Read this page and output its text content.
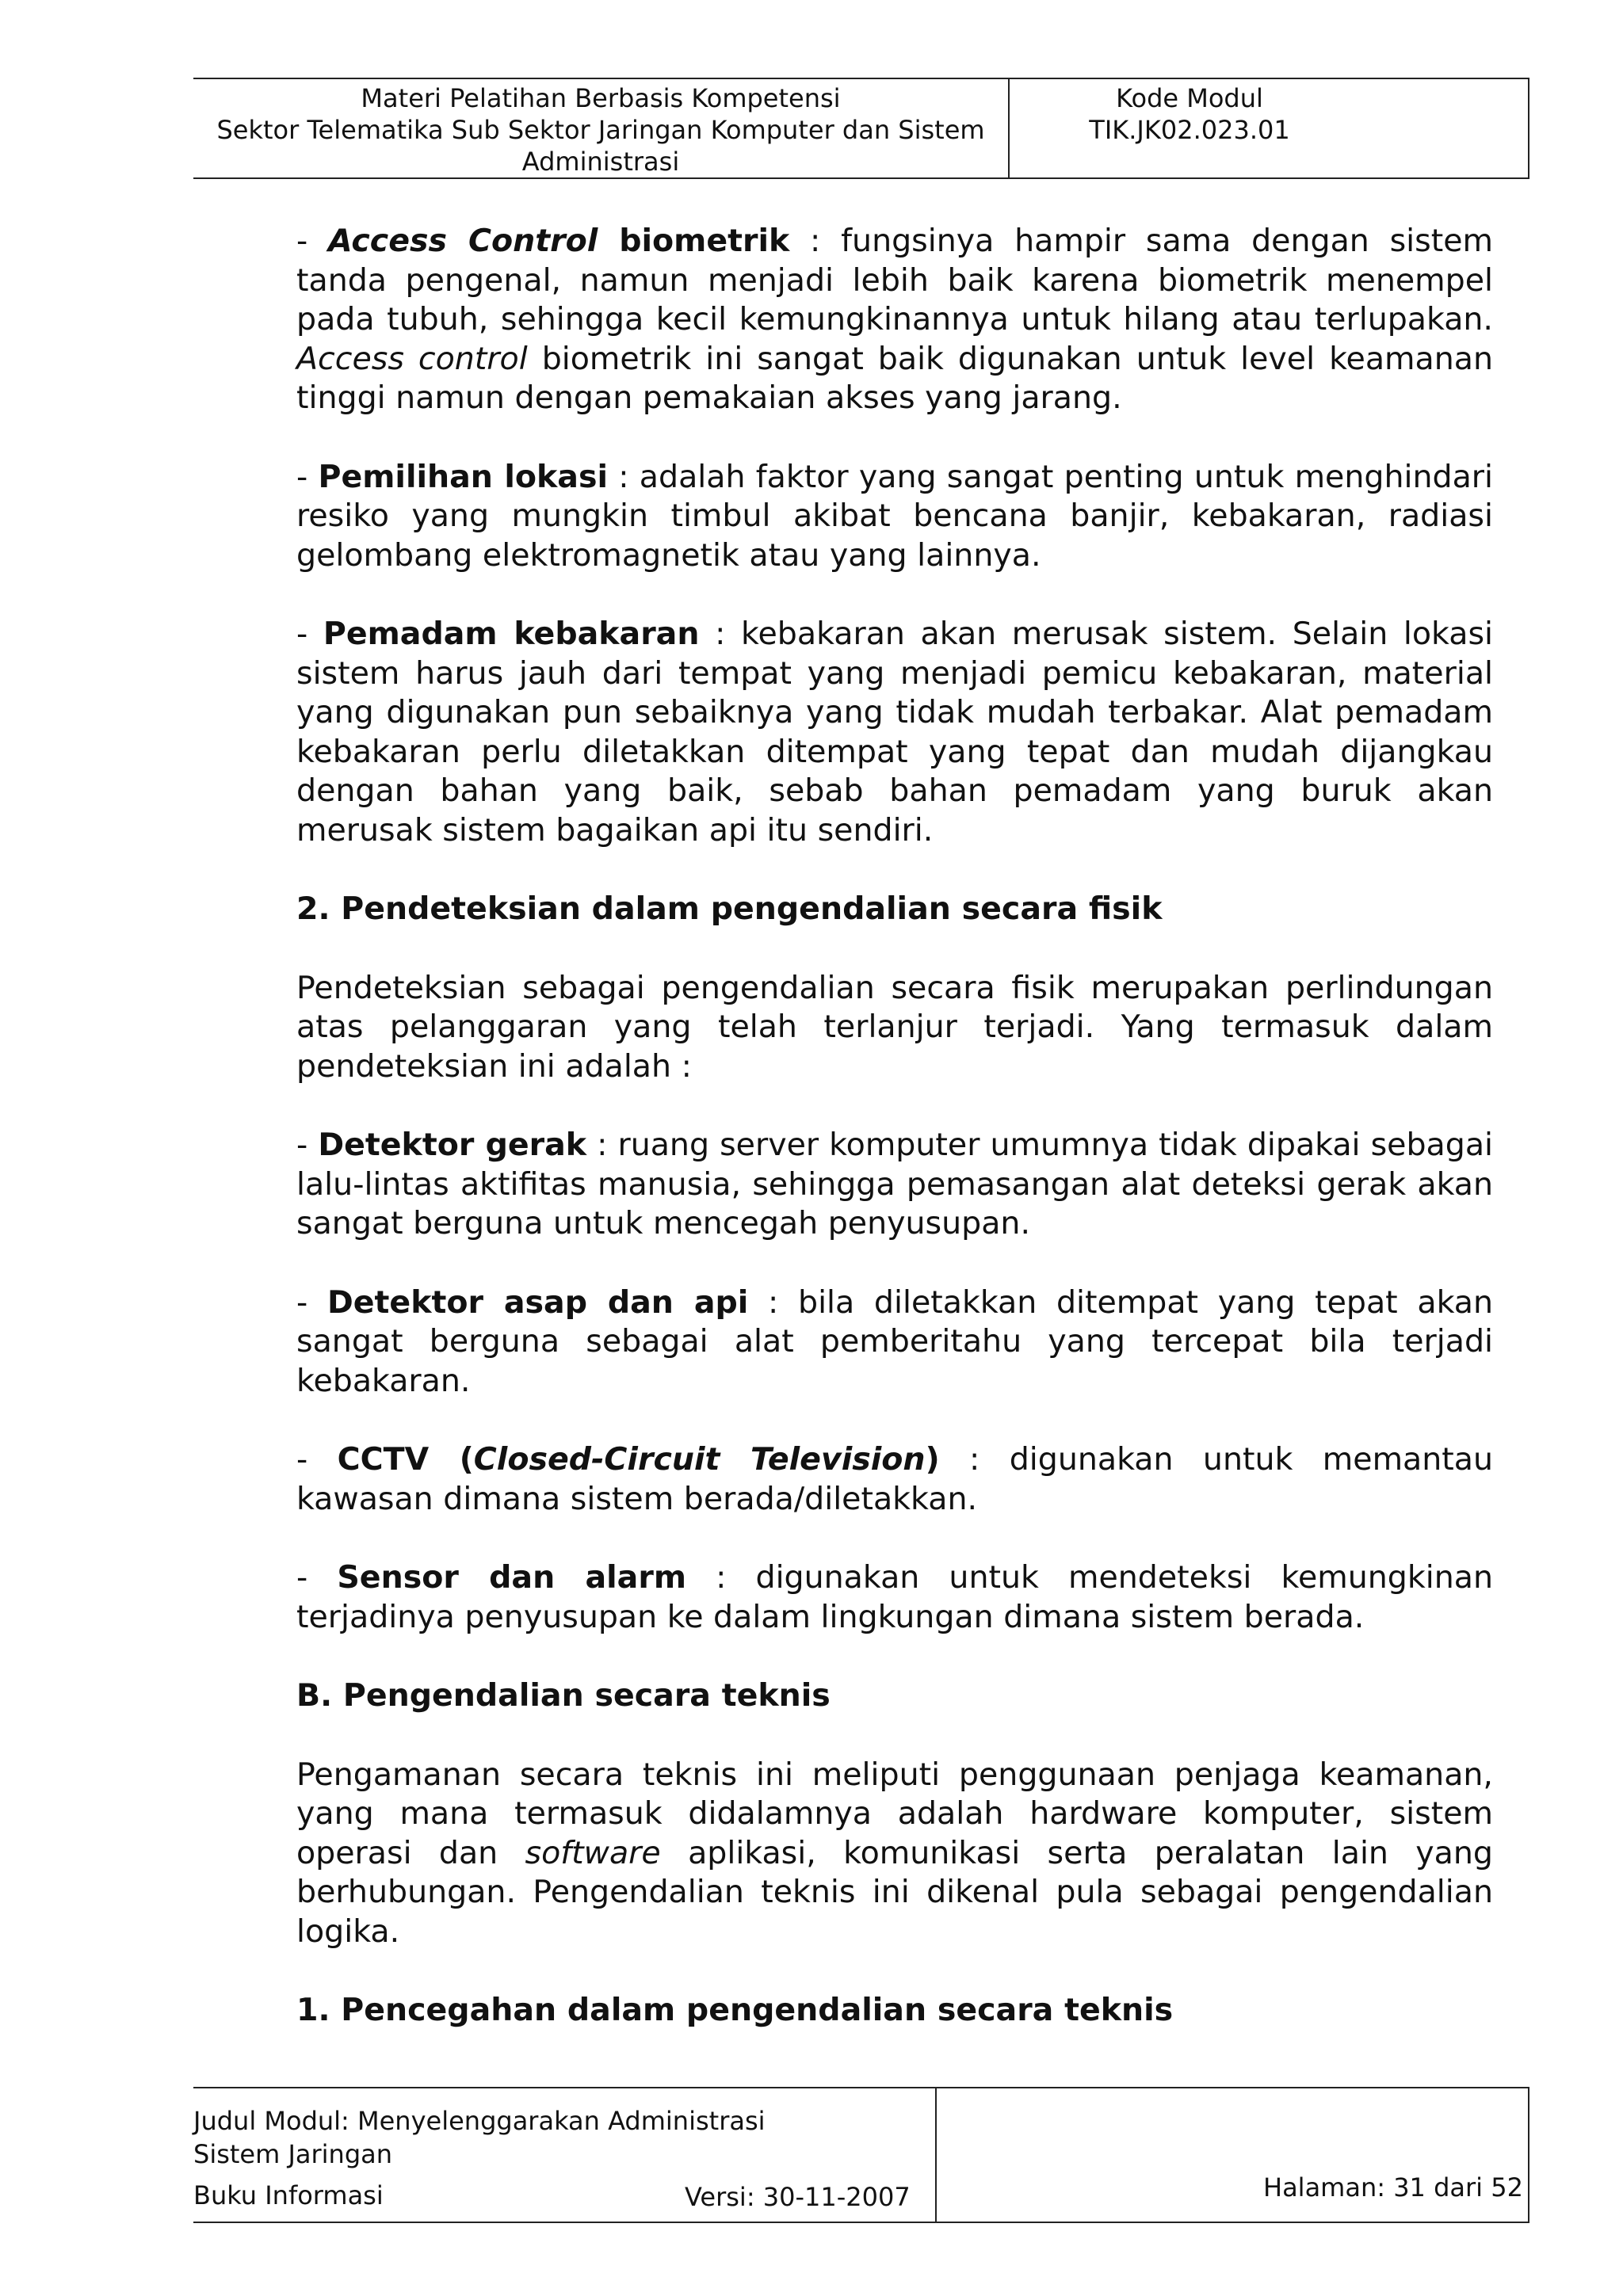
Materi Pelatihan Berbasis Kompetensi
Sektor Telematika Sub Sektor Jaringan Komputer dan Sistem
Administrasi
Kode Modul
TIK.JK02.023.01

- Access Control biometrik : fungsinya hampir sama dengan sistem tanda pengenal, namun menjadi lebih baik karena biometrik menempel pada tubuh, sehingga kecil kemungkinannya untuk hilang atau terlupakan. Access control biometrik ini sangat baik digunakan untuk level keamanan tinggi namun dengan pemakaian akses yang jarang.

- Pemilihan lokasi : adalah faktor yang sangat penting untuk menghindari resiko yang mungkin timbul akibat bencana banjir, kebakaran, radiasi gelombang elektromagnetik atau yang lainnya.

- Pemadam kebakaran : kebakaran akan merusak sistem. Selain lokasi sistem harus jauh dari tempat yang menjadi pemicu kebakaran, material yang digunakan pun sebaiknya yang tidak mudah terbakar. Alat pemadam kebakaran perlu diletakkan ditempat yang tepat dan mudah dijangkau dengan bahan yang baik, sebab bahan pemadam yang buruk akan merusak sistem bagaikan api itu sendiri.

2. Pendeteksian dalam pengendalian secara fisik

Pendeteksian sebagai pengendalian secara fisik merupakan perlindungan atas pelanggaran yang telah terlanjur terjadi. Yang termasuk dalam pendeteksian ini adalah :

- Detektor gerak : ruang server komputer umumnya tidak dipakai sebagai lalu-lintas aktifitas manusia, sehingga pemasangan alat deteksi gerak akan sangat berguna untuk mencegah penyusupan.

- Detektor asap dan api : bila diletakkan ditempat yang tepat akan sangat berguna sebagai alat pemberitahu yang tercepat bila terjadi kebakaran.

- CCTV (Closed-Circuit Television) : digunakan untuk memantau kawasan dimana sistem berada/diletakkan.

- Sensor dan alarm : digunakan untuk mendeteksi kemungkinan terjadinya penyusupan ke dalam lingkungan dimana sistem berada.

B. Pengendalian secara teknis

Pengamanan secara teknis ini meliputi penggunaan penjaga keamanan, yang mana termasuk didalamnya adalah hardware komputer, sistem operasi dan software aplikasi, komunikasi serta peralatan lain yang berhubungan. Pengendalian teknis ini dikenal pula sebagai pengendalian logika.

1. Pencegahan dalam pengendalian secara teknis

Judul Modul: Menyelenggarakan Administrasi Sistem Jaringan
Buku Informasi	Versi: 30-11-2007	Halaman: 31 dari 52
